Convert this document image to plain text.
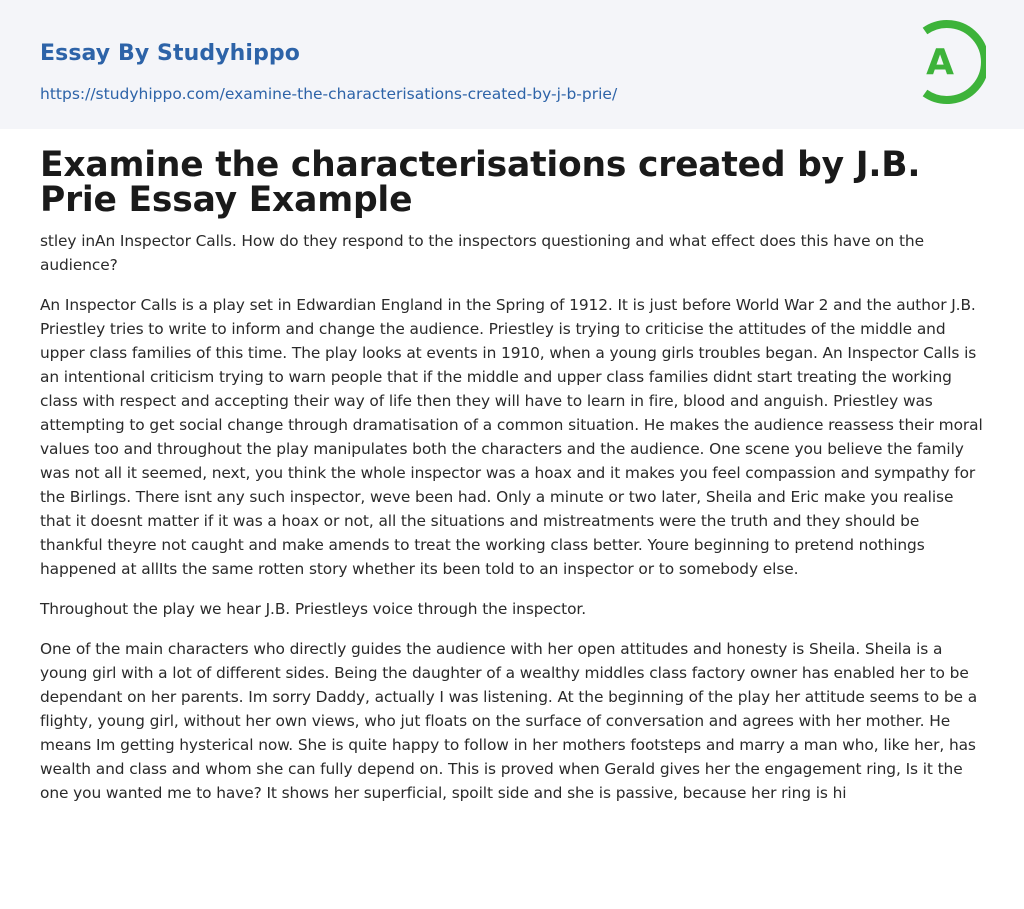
Essay By Studyhippo
https://studyhippo.com/examine-the-characterisations-created-by-j-b-prie/
A
Examine the characterisations created by J.B. Prie Essay Example

stley inAn Inspector Calls. How do they respond to the inspectors questioning and what effect does this have on the audience?

An Inspector Calls is a play set in Edwardian England in the Spring of 1912. It is just before World War 2 and the author J.B. Priestley tries to write to inform and change the audience. Priestley is trying to criticise the attitudes of the middle and upper class families of this time. The play looks at events in 1910, when a young girls troubles began. An Inspector Calls is an intentional criticism trying to warn people that if the middle and upper class families didnt start treating the working class with respect and accepting their way of life then they will have to learn in fire, blood and anguish. Priestley was attempting to get social change through dramatisation of a common situation. He makes the audience reassess their moral values too and throughout the play manipulates both the characters and the audience. One scene you believe the family was not all it seemed, next, you think the whole inspector was a hoax and it makes you feel compassion and sympathy for the Birlings. There isnt any such inspector, weve been had. Only a minute or two later, Sheila and Eric make you realise that it doesnt matter if it was a hoax or not, all the situations and mistreatments were the truth and they should be thankful theyre not caught and make amends to treat the working class better. Youre beginning to pretend nothings happened at allIts the same rotten story whether its been told to an inspector or to somebody else.

Throughout the play we hear J.B. Priestleys voice through the inspector.

One of the main characters who directly guides the audience with her open attitudes and honesty is Sheila. Sheila is a young girl with a lot of different sides. Being the daughter of a wealthy middles class factory owner has enabled her to be dependant on her parents. Im sorry Daddy, actually I was listening. At the beginning of the play her attitude seems to be a flighty, young girl, without her own views, who jut floats on the surface of conversation and agrees with her mother. He means Im getting hysterical now. She is quite happy to follow in her mothers footsteps and marry a man who, like her, has wealth and class and whom she can fully depend on. This is proved when Gerald gives her the engagement ring, Is it the one you wanted me to have? It shows her superficial, spoilt side and she is passive, because her ring is hi
